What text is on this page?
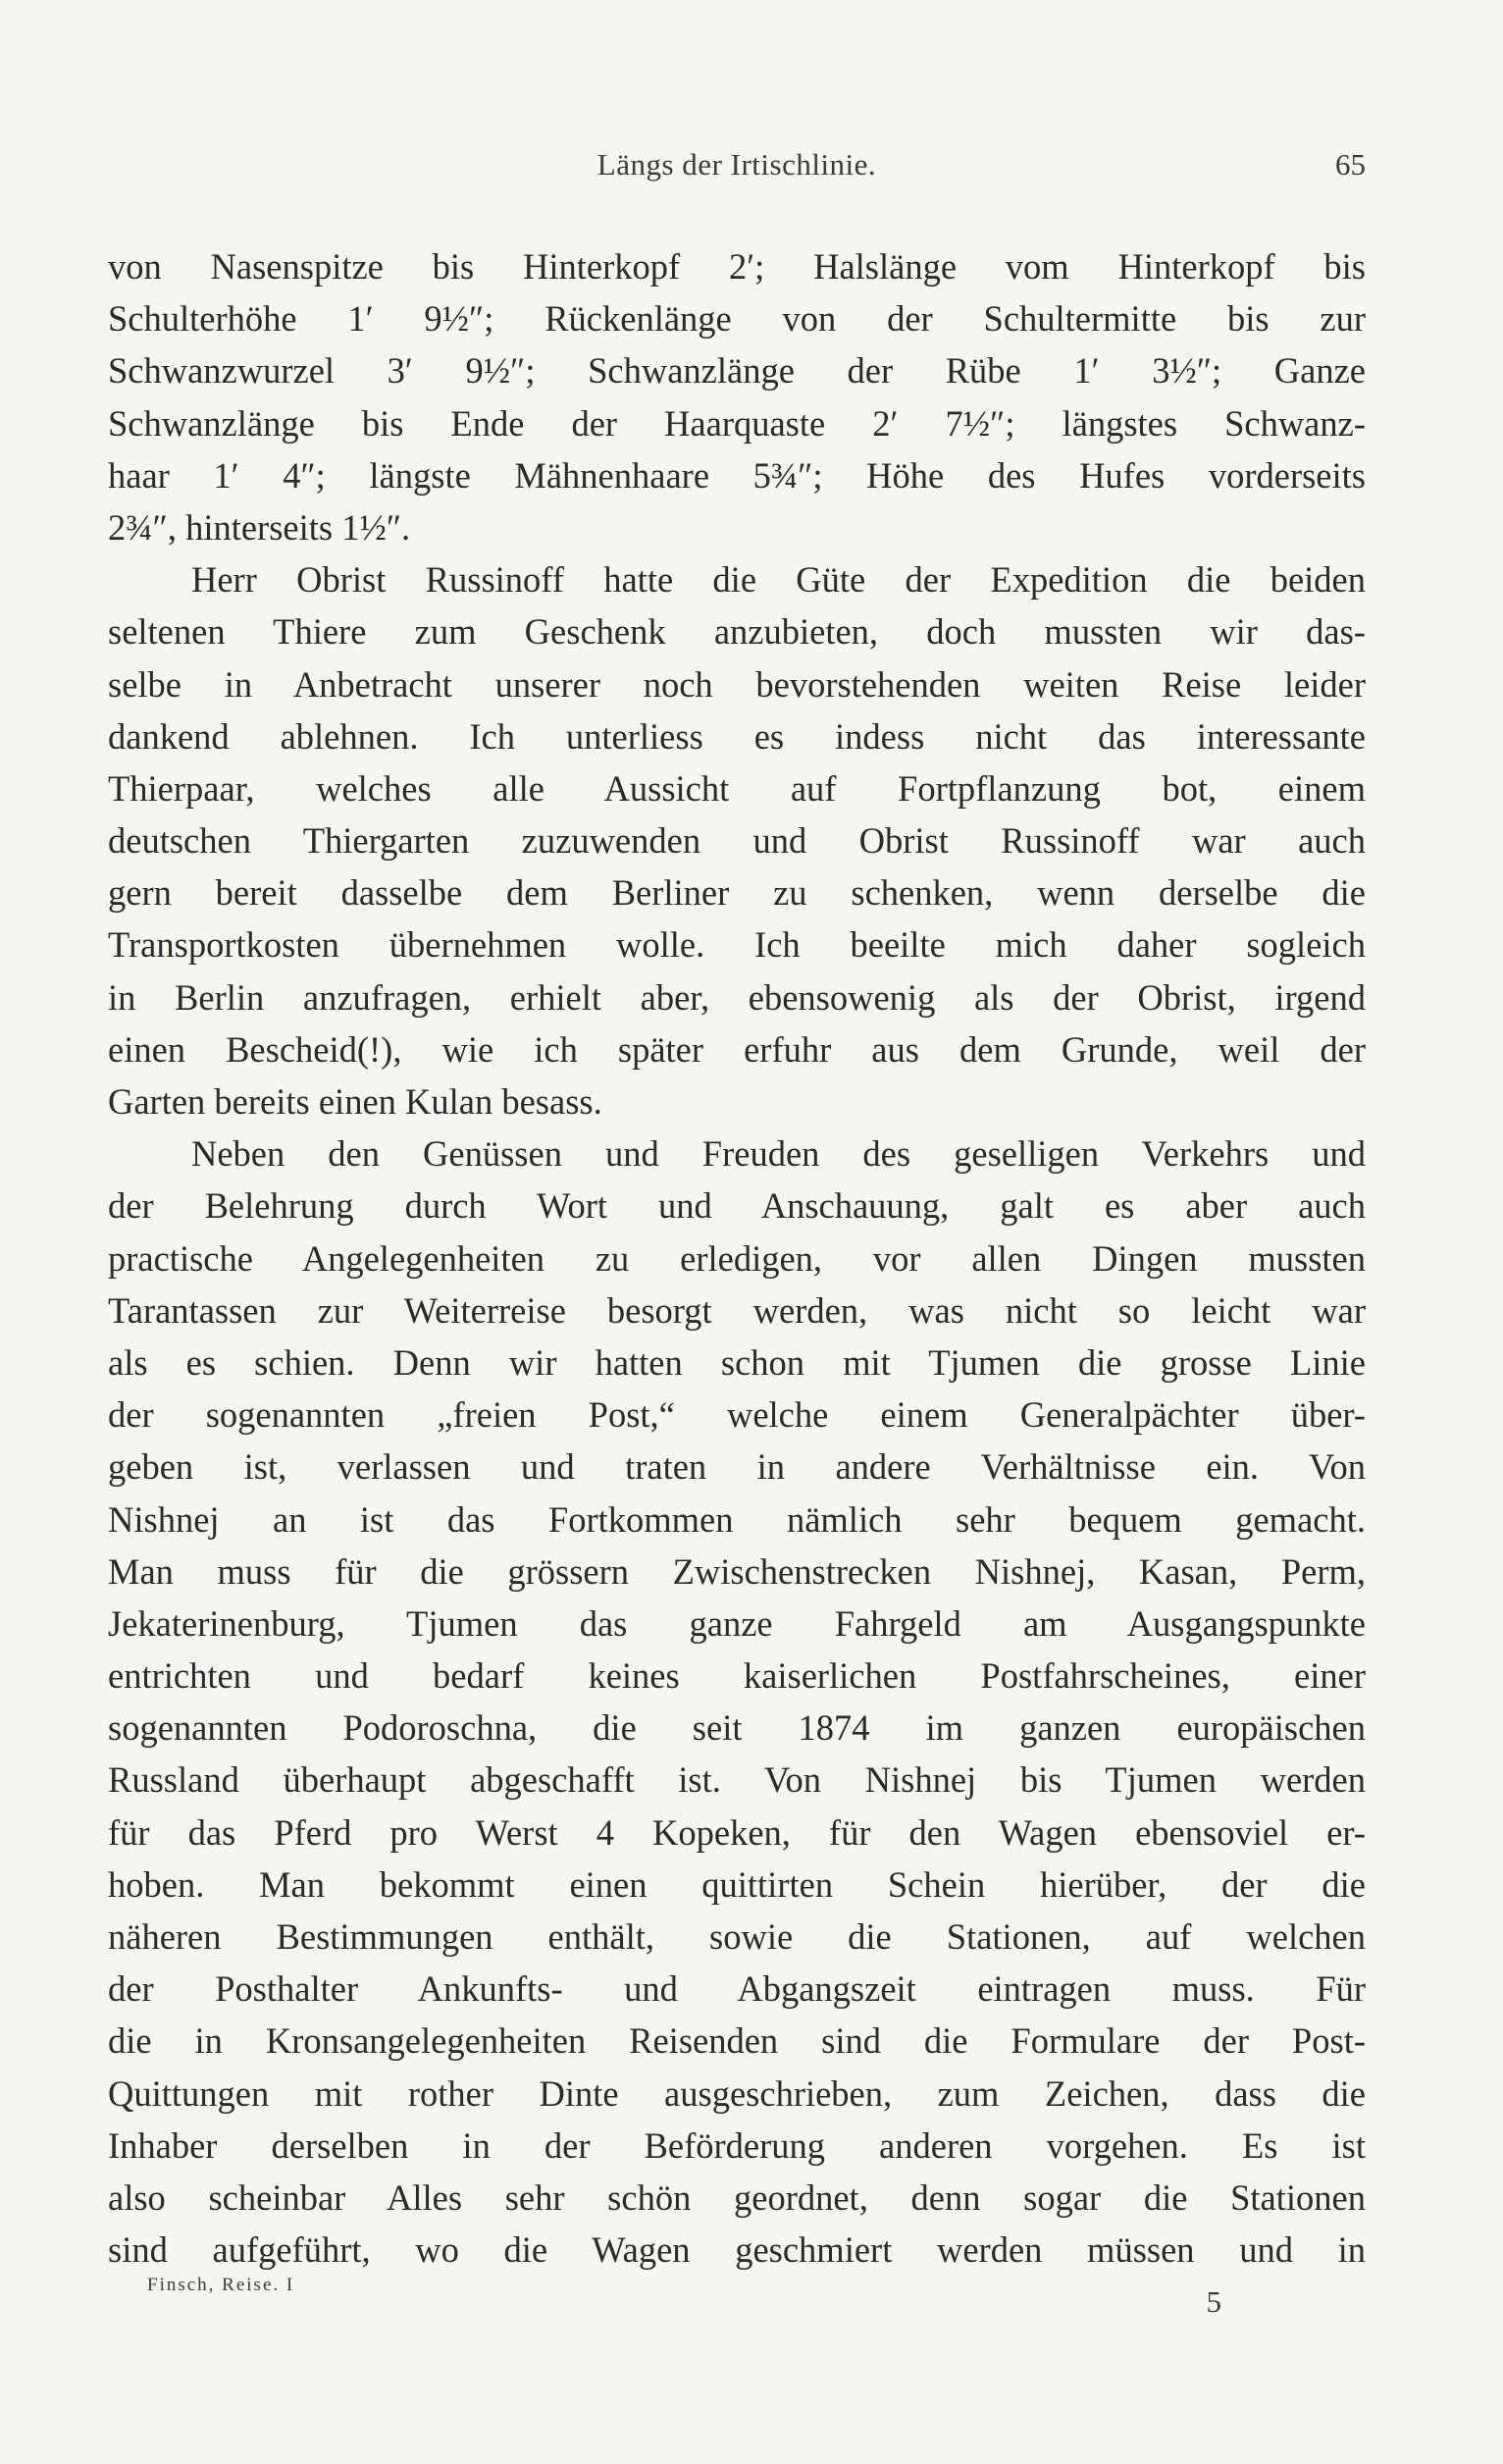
Längs der Irtischlinie.	65
von Nasenspitze bis Hinterkopf 2′; Halslänge vom Hinterkopf bis
Schulterhöhe 1′ 9½″; Rückenlänge von der Schultermitte bis zur
Schwanzwurzel 3′ 9½″; Schwanzlänge der Rübe 1′ 3½″; Ganze
Schwanzlänge bis Ende der Haarquaste 2′ 7½″; längstes Schwanz-
haar 1′ 4″; längste Mähnenhaare 5¾″; Höhe des Hufes vorderseits
2¾″, hinterseits 1½″.
Herr Obrist Russinoff hatte die Güte der Expedition die beiden
seltenen Thiere zum Geschenk anzubieten, doch mussten wir das-
selbe in Anbetracht unserer noch bevorstehenden weiten Reise leider
dankend ablehnen. Ich unterliess es indess nicht das interessante
Thierpaar, welches alle Aussicht auf Fortpflanzung bot, einem
deutschen Thiergarten zuzuwenden und Obrist Russinoff war auch
gern bereit dasselbe dem Berliner zu schenken, wenn derselbe die
Transportkosten übernehmen wolle. Ich beeilte mich daher sogleich
in Berlin anzufragen, erhielt aber, ebensowenig als der Obrist, irgend
einen Bescheid(!), wie ich später erfuhr aus dem Grunde, weil der
Garten bereits einen Kulan besass.
Neben den Genüssen und Freuden des geselligen Verkehrs und
der Belehrung durch Wort und Anschauung, galt es aber auch
practische Angelegenheiten zu erledigen, vor allen Dingen mussten
Tarantassen zur Weiterreise besorgt werden, was nicht so leicht war
als es schien. Denn wir hatten schon mit Tjumen die grosse Linie
der sogenannten „freien Post,“ welche einem Generalpächter über-
geben ist, verlassen und traten in andere Verhältnisse ein. Von
Nishnej an ist das Fortkommen nämlich sehr bequem gemacht.
Man muss für die grössern Zwischenstrecken Nishnej, Kasan, Perm,
Jekaterinenburg, Tjumen das ganze Fahrgeld am Ausgangspunkte
entrichten und bedarf keines kaiserlichen Postfahrscheines, einer
sogenannten Podoroschna, die seit 1874 im ganzen europäischen
Russland überhaupt abgeschafft ist. Von Nishnej bis Tjumen werden
für das Pferd pro Werst 4 Kopeken, für den Wagen ebensoviel er-
hoben. Man bekommt einen quittirten Schein hierüber, der die
näheren Bestimmungen enthält, sowie die Stationen, auf welchen
der Posthalter Ankunfts- und Abgangszeit eintragen muss. Für
die in Kronsangelegenheiten Reisenden sind die Formulare der Post-
Quittungen mit rother Dinte ausgeschrieben, zum Zeichen, dass die
Inhaber derselben in der Beförderung anderen vorgehen. Es ist
also scheinbar Alles sehr schön geordnet, denn sogar die Stationen
sind aufgeführt, wo die Wagen geschmiert werden müssen und in
Finsch, Reise. I	5
